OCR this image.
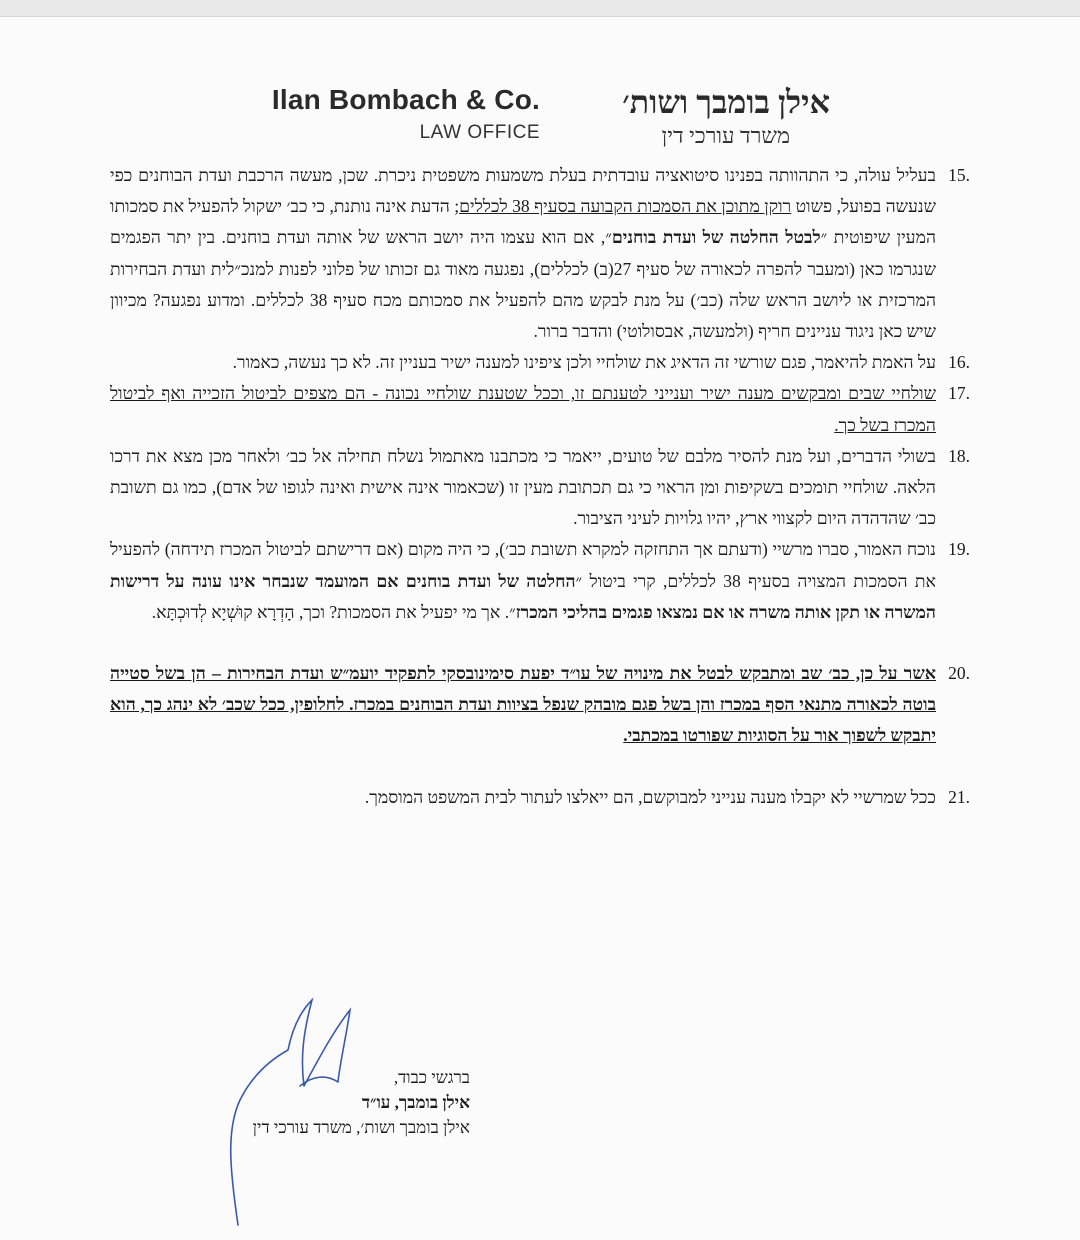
Ilan Bombach & Co.
LAW OFFICE
אילן בומבך ושות׳
משרד עורכי דין
.15
בעליל עולה, כי התהוותה בפנינו סיטואציה עובדתית בעלת משמעות משפטית ניכרת. שכן, מעשה הרכבת ועדת הבוחנים כפי שנעשה בפועל, פשוט רוקן מתוכן את הסמכות הקבועה בסעיף 38 לכללים; הדעת אינה נותנת, כי כב׳ ישקול להפעיל את סמכותו המעין שיפוטית ״לבטל החלטה של ועדת בוחנים״, אם הוא עצמו היה יושב הראש של אותה ועדת בוחנים. בין יתר הפגמים שנגרמו כאן (ומעבר להפרה לכאורה של סעיף 27(ב) לכללים), נפגעה מאוד גם זכותו של פלוני לפנות למנכ״לית ועדת הבחירות המרכזית או ליושב הראש שלה (כב׳) על מנת לבקש מהם להפעיל את סמכותם מכח סעיף 38 לכללים. ומדוע נפגעה? מכיוון שיש כאן ניגוד עניינים חריף (ולמעשה, אבסולוטי) והדבר ברור.
.16
על האמת להיאמר, פגם שורשי זה הדאיג את שולחיי ולכן ציפינו למענה ישיר בעניין זה. לא כך נעשה, כאמור.
.17
שולחיי שבים ומבקשים מענה ישיר וענייני לטענתם זו, וככל שטענת שולחיי נכונה - הם מצפים לביטול הזכייה ואף לביטול המכרז בשל כך.
.18
בשולי הדברים, ועל מנת להסיר מלבם של טועים, ייאמר כי מכתבנו מאתמול נשלח תחילה אל כב׳ ולאחר מכן מצא את דרכו הלאה. שולחיי תומכים בשקיפות ומן הראוי כי גם תכתובת מעין זו (שכאמור אינה אישית ואינה לגופו של אדם), כמו גם תשובת כב׳ שהדהדה היום לקצווי ארץ, יהיו גלויות לעיני הציבור.
.19
נוכח האמור, סברו מרשיי (ודעתם אך התחזקה למקרא תשובת כב׳), כי היה מקום (אם דרישתם לביטול המכרז תידחה) להפעיל את הסמכות המצויה בסעיף 38 לכללים, קרי ביטול ״החלטה של ועדת בוחנים אם המועמד שנבחר אינו עונה על דרישות המשרה או תקן אותה משרה או אם נמצאו פגמים בהליכי המכרז״. אך מי יפעיל את הסמכות? וכך, הָדְרָא קוּשְׁיָא לְדוּכְתָּא.
.20
אשר על כן, כב׳ שב ומתבקש לבטל את מינויה של עו״ד יפעת סימינובסקי לתפקיד יועמ״ש ועדת הבחירות – הן בשל סטייה בוטה לכאורה מתנאי הסף במכרז והן בשל פגם מובהק שנפל בציוות ועדת הבוחנים במכרז. לחלופין, ככל שכב׳ לא ינהג כך, הוא יתבקש לשפוך אור על הסוגיות שפורטו במכתבי.
.21
ככל שמרשיי לא יקבלו מענה ענייני למבוקשם, הם ייאלצו לעתור לבית המשפט המוסמך.
ברגשי כבוד,
אילן בומבך, עו״ד
אילן בומבך ושות׳, משרד עורכי דין
